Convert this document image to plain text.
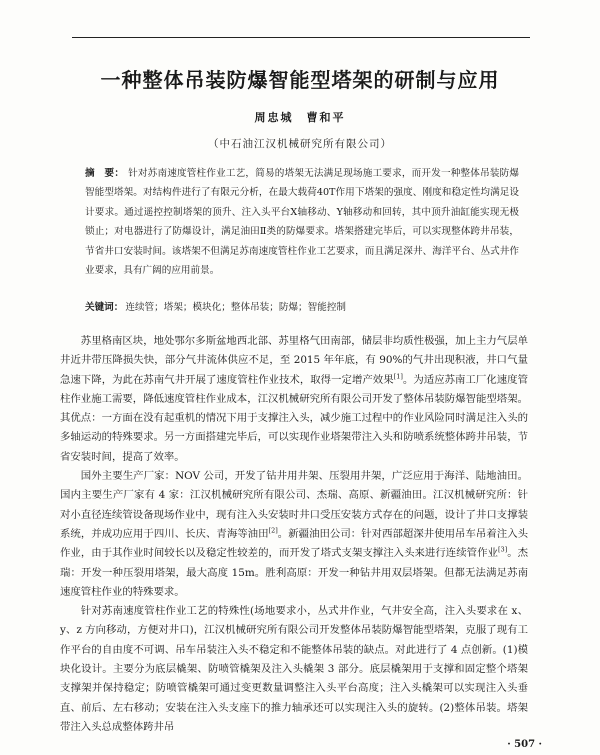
一种整体吊装防爆智能型塔架的研制与应用
周忠城　曹和平
（中石油江汉机械研究所有限公司）
摘　要： 针对苏南速度管柱作业工艺，简易的塔架无法满足现场施工要求，而开发一种整体吊装防爆智能型塔架。对结构件进行了有限元分析，在最大载荷40T作用下塔架的强度、刚度和稳定性均满足设计要求。通过遥控控制塔架的顶升、注入头平台X轴移动、Y轴移动和回转，其中顶升油缸能实现无极锁止；对电器进行了防爆设计，满足油田Ⅱ类的防爆要求。塔架搭建完毕后，可以实现整体跨井吊装，节省井口安装时间。该塔架不但满足苏南速度管柱作业工艺要求，而且满足深井、海洋平台、丛式井作业要求，具有广阔的应用前景。
关键词： 连续管；塔架；模块化；整体吊装；防爆；智能控制

苏里格南区块，地处鄂尔多斯盆地西北部、苏里格气田南部，储层非均质性极强，加上主力气层单井近井带压降损失快，部分气井流体供应不足，至 2015 年年底，有 90%的气井出现积液，井口气量急速下降，为此在苏南气井开展了速度管柱作业技术，取得一定增产效果[1]。为适应苏南工厂化速度管柱作业施工需要，降低速度管柱作业成本，江汉机械研究所有限公司开发了整体吊装防爆智能型塔架。其优点：一方面在没有起重机的情况下用于支撑注入头，减少施工过程中的作业风险同时满足注入头的多轴运动的特殊要求。另一方面搭建完毕后，可以实现作业塔架带注入头和防喷系统整体跨井吊装，节省安装时间，提高了效率。

国外主要生产厂家：NOV 公司，开发了钻井用井架、压裂用井架，广泛应用于海洋、陆地油田。国内主要生产厂家有 4 家：江汉机械研究所有限公司、杰瑞、高原、新疆油田。江汉机械研究所：针对小直径连续管设备现场作业中，现有注入头安装时井口受压安装方式存在的问题，设计了井口支撑装系统，并成功应用于四川、长庆、青海等油田[2]。新疆油田公司：针对西部超深井使用吊车吊着注入头作业，由于其作业时间较长以及稳定性较差的，而开发了塔式支架支撑注入头来进行连续管作业[3]。杰瑞：开发一种压裂用塔架，最大高度 15m。胜利高原：开发一种钻井用双层塔架。但都无法满足苏南速度管柱作业的特殊要求。

针对苏南速度管柱作业工艺的特殊性(场地要求小，丛式井作业，气井安全高，注入头要求在 x、y、z 方向移动，方便对井口)，江汉机械研究所有限公司开发整体吊装防爆智能型塔架，克服了现有工作平台的自由度不可调、吊车吊装注入头不稳定和不能整体吊装的缺点。对此进行了 4 点创新。(1)模块化设计。主要分为底层橇架、防喷管橇架及注入头橇架 3 部分。底层橇架用于支撑和固定整个塔架支撑架并保持稳定；防喷管橇架可通过变更数量调整注入头平台高度；注入头橇架可以实现注入头垂直、前后、左右移动；安装在注入头支座下的推力轴承还可以实现注入头的旋转。(2)整体吊装。塔架带注入头总成整体跨井吊

· 507 ·
